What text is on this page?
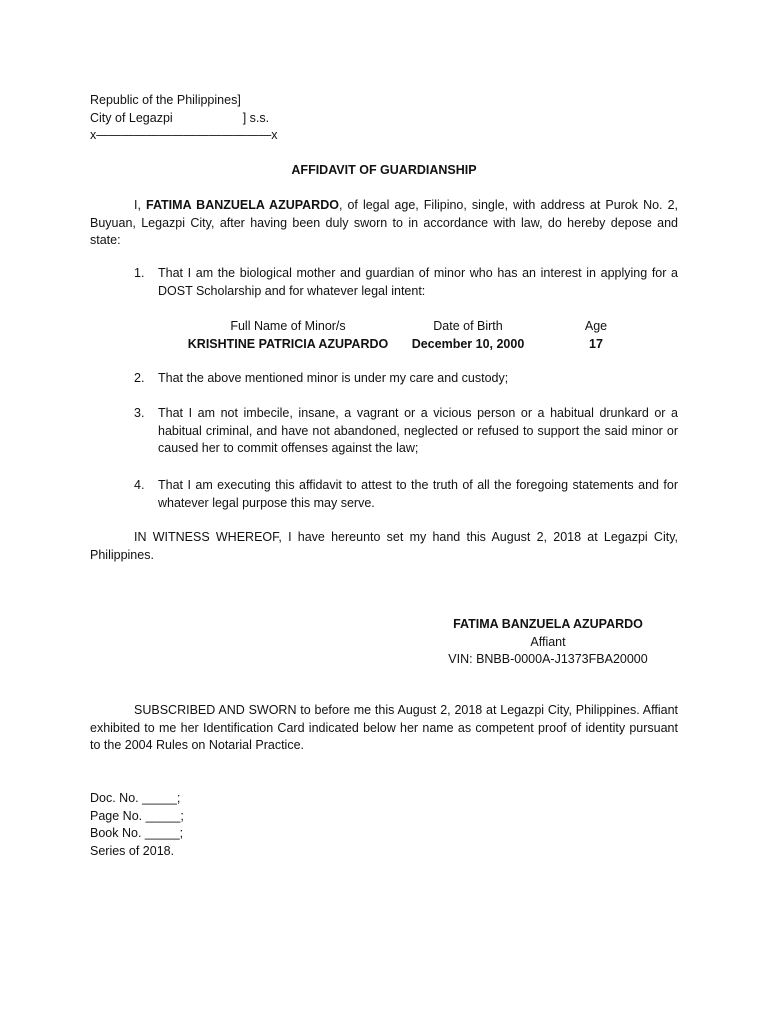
Republic of the Philippines]
City of Legazpi	] s.s.
x——————————————x
AFFIDAVIT OF GUARDIANSHIP
I, FATIMA BANZUELA AZUPARDO, of legal age, Filipino, single, with address at Purok No. 2, Buyuan, Legazpi City, after having been duly sworn to in accordance with law, do hereby depose and state:
1. That I am the biological mother and guardian of minor who has an interest in applying for a DOST Scholarship and for whatever legal intent:
Full Name of Minor/s	Date of Birth	Age
KRISHTINE PATRICIA AZUPARDO	December 10, 2000	17
2. That the above mentioned minor is under my care and custody;
3. That I am not imbecile, insane, a vagrant or a vicious person or a habitual drunkard or a habitual criminal, and have not abandoned, neglected or refused to support the said minor or caused her to commit offenses against the law;
4. That I am executing this affidavit to attest to the truth of all the foregoing statements and for whatever legal purpose this may serve.
IN WITNESS WHEREOF, I have hereunto set my hand this August 2, 2018 at Legazpi City, Philippines.
FATIMA BANZUELA AZUPARDO
Affiant
VIN: BNBB-0000A-J1373FBA20000
SUBSCRIBED AND SWORN to before me this August 2, 2018 at Legazpi City, Philippines. Affiant exhibited to me her Identification Card indicated below her name as competent proof of identity pursuant to the 2004 Rules on Notarial Practice.
Doc. No. _____;
Page No. _____;
Book No. _____;
Series of 2018.
